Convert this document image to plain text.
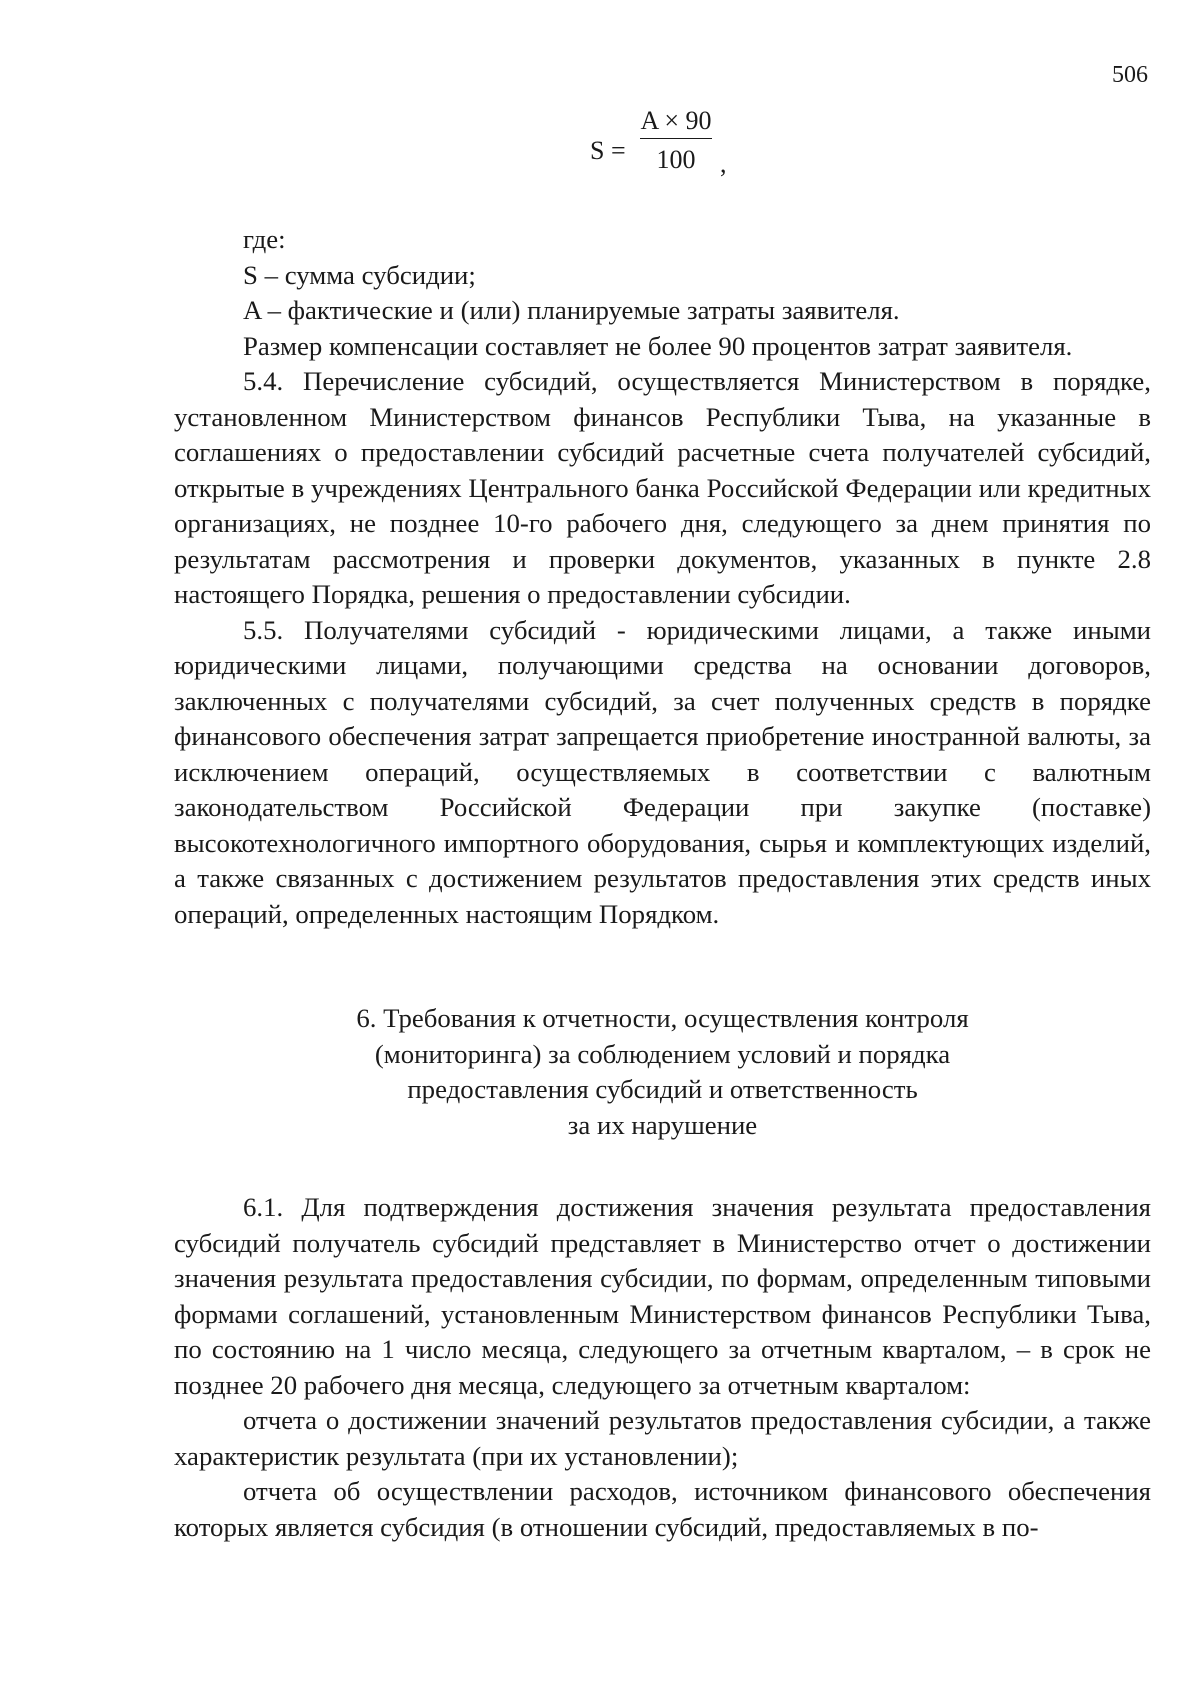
506
S =
A × 90
100 ,

где:

S – сумма субсидии;

A – фактические и (или) планируемые затраты заявителя.

Размер компенсации составляет не более 90 процентов затрат заявителя.

5.4. Перечисление субсидий, осуществляется Министерством в порядке, установленном Министерством финансов Республики Тыва, на указанные в соглашениях о предоставлении субсидий расчетные счета получателей субсидий, открытые в учреждениях Центрального банка Российской Федерации или кредитных организациях, не позднее 10-го рабочего дня, следующего за днем принятия по результатам рассмотрения и проверки документов, указанных в пункте 2.8 настоящего Порядка, решения о предоставлении субсидии.

5.5. Получателями субсидий - юридическими лицами, а также иными юридическими лицами, получающими средства на основании договоров, заключенных с получателями субсидий, за счет полученных средств в порядке финансового обеспечения затрат запрещается приобретение иностранной валюты, за исключением операций, осуществляемых в соответствии с валютным законодательством Российской Федерации при закупке (поставке) высокотехнологичного импортного оборудования, сырья и комплектующих изделий, а также связанных с достижением результатов предоставления этих средств иных операций, определенных настоящим Порядком.

6. Требования к отчетности, осуществления контроля
(мониторинга) за соблюдением условий и порядка
предоставления субсидий и ответственность
за их нарушение

6.1. Для подтверждения достижения значения результата предоставления субсидий получатель субсидий представляет в Министерство отчет о достижении значения результата предоставления субсидии, по формам, определенным типовыми формами соглашений, установленным Министерством финансов Республики Тыва, по состоянию на 1 число месяца, следующего за отчетным кварталом, – в срок не позднее 20 рабочего дня месяца, следующего за отчетным кварталом:

отчета о достижении значений результатов предоставления субсидии, а также характеристик результата (при их установлении);

отчета об осуществлении расходов, источником финансового обеспечения которых является субсидия (в отношении субсидий, предоставляемых в по-
